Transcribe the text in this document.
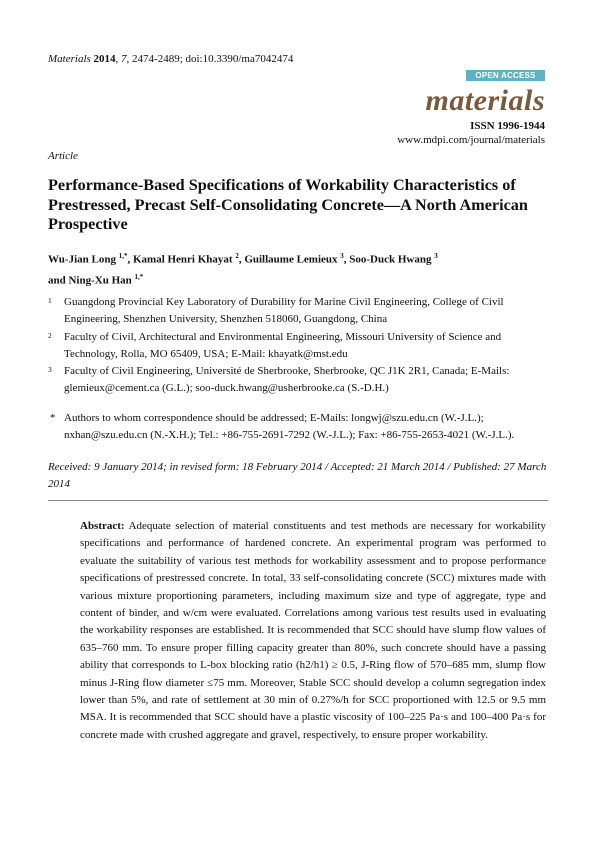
Materials 2014, 7, 2474-2489; doi:10.3390/ma7042474
OPEN ACCESS
materials
ISSN 1996-1944
www.mdpi.com/journal/materials
Article
Performance-Based Specifications of Workability Characteristics of Prestressed, Precast Self-Consolidating Concrete—A North American Prospective
Wu-Jian Long $^{1,*}$, Kamal Henri Khayat $^2$, Guillaume Lemieux $^3$, Soo-Duck Hwang $^3$
and Ning-Xu Han $^{1,*}$
1 Guangdong Provincial Key Laboratory of Durability for Marine Civil Engineering, College of Civil Engineering, Shenzhen University, Shenzhen 518060, Guangdong, China
2 Faculty of Civil, Architectural and Environmental Engineering, Missouri University of Science and Technology, Rolla, MO 65409, USA; E-Mail: khayatk@mst.edu
3 Faculty of Civil Engineering, Université de Sherbrooke, Sherbrooke, QC J1K 2R1, Canada; E-Mails: glemieux@cement.ca (G.L.); soo-duck.hwang@usherbrooke.ca (S.-D.H.)
* Authors to whom correspondence should be addressed; E-Mails: longwj@szu.edu.cn (W.-J.L.); nxhan@szu.edu.cn (N.-X.H.); Tel.: +86-755-2691-7292 (W.-J.L.); Fax: +86-755-2653-4021 (W.-J.L.).
Received: 9 January 2014; in revised form: 18 February 2014 / Accepted: 21 March 2014 / Published: 27 March 2014
Abstract: Adequate selection of material constituents and test methods are necessary for workability specifications and performance of hardened concrete. An experimental program was performed to evaluate the suitability of various test methods for workability assessment and to propose performance specifications of prestressed concrete. In total, 33 self-consolidating concrete (SCC) mixtures made with various mixture proportioning parameters, including maximum size and type of aggregate, type and content of binder, and w/cm were evaluated. Correlations among various test results used in evaluating the workability responses are established. It is recommended that SCC should have slump flow values of 635–760 mm. To ensure proper filling capacity greater than 80%, such concrete should have a passing ability that corresponds to L-box blocking ratio (h2/h1) ≥ 0.5, J-Ring flow of 570–685 mm, slump flow minus J-Ring flow diameter ≤75 mm. Moreover, Stable SCC should develop a column segregation index lower than 5%, and rate of settlement at 30 min of 0.27%/h for SCC proportioned with 12.5 or 9.5 mm MSA. It is recommended that SCC should have a plastic viscosity of 100–225 Pa·s and 100–400 Pa·s for concrete made with crushed aggregate and gravel, respectively, to ensure proper workability.
